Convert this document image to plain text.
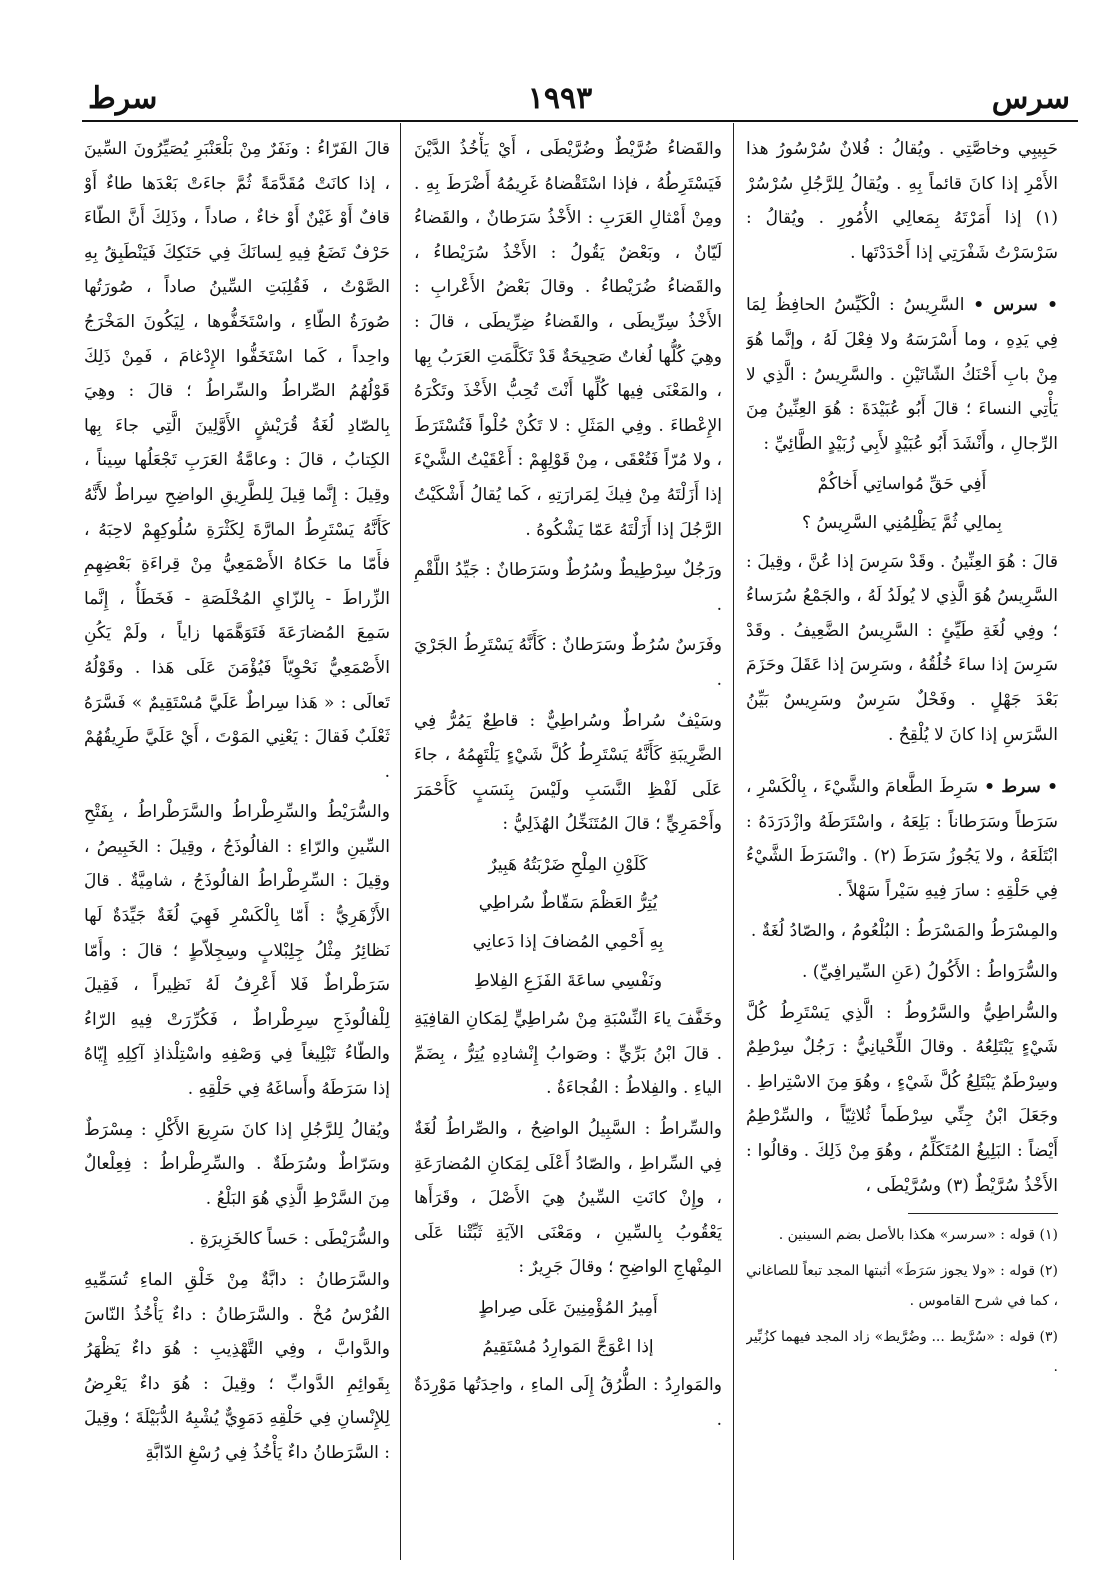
سرس
١٩٩٣
سرط

حَبِيبِي وخاصَّتِي . ويُقالُ : فُلانٌ سُرْسُورُ هذا الأَمْرِ إذا كانَ قائماً بِهِ . ويُقالُ لِلرَّجُلِ سُرْسُرْ (١) إذا أَمَرْتَهُ بِمَعالِي الأُمُورِ . ويُقالُ : سَرْسَرْتُ شَفْرَتِي إذا أَحْدَدْتَها .

• سرس • السَّرِيسُ : الْكَيِّسُ الحافِظُ لِمَا فِي يَدِهِ ، وما أَسْرَسَهُ ولا فِعْلَ لَهُ ، وإنَّما هُوَ مِنْ بابِ أَحْنَكُ الشّاتَيْنِ . والسَّرِيسُ : الَّذِي لا يَأْتِي النساءَ ؛ قالَ أَبُو عُبَيْدَةَ : هُوَ العِنِّينُ مِنَ الرِّجالِ ، وأَنْشَدَ أَبُو عُبَيْدٍ لأَبِي زُبَيْدٍ الطَّائِيِّ :

أَفِي حَقِّ مُواساتِي أَخاكُمْ

بِمالِي ثُمَّ يَظْلِمُنِي السَّرِيسُ ؟

قالَ : هُوَ العِنِّينُ . وقَدْ سَرِسَ إذا عُنَّ ، وقِيلَ : السَّرِيسُ هُوَ الَّذِي لا يُولَدُ لَهُ ، والجَمْعُ سُرَساءُ ؛ وفِي لُغَةِ طَيِّئٍ : السَّرِيسُ الضَّعِيفُ . وقَدْ سَرِسَ إذا ساءَ خُلُقُهُ ، وسَرِسَ إذا عَقَلَ وحَزَمَ بَعْدَ جَهْلٍ . وفَحْلٌ سَرِسٌ وسَرِيسٌ بَيِّنُ السَّرَسِ إذا كانَ لا يُلْقِحُ .

• سرط • سَرِطَ الطَّعامَ والشَّيْءَ ، بِالْكَسْرِ ، سَرَطاً وسَرَطاناً : بَلِعَهُ ، واسْتَرَطَهُ وازْدَرَدَهُ : ابْتَلَعَهُ ، ولا يَجُوزُ سَرَطَ (٢) . وانْسَرَطَ الشَّيْءُ فِي حَلْقِهِ : سارَ فِيهِ سَيْراً سَهْلاً .

والمِسْرَطُ والمَسْرَطُ : البُلْعُومُ ، والصّادُ لُغَةٌ .

والسُّرَواطُ : الأَكُولُ (عَنِ السِّيرافِيِّ) .

والسُّراطِيُّ والسَّرُوطُ : الَّذِي يَسْتَرِطُ كُلَّ شَيْءٍ يَبْتَلِعُهُ . وقالَ اللِّحْيانِيُّ : رَجُلٌ سِرْطِمٌ وسِرْطَمٌ يَبْتَلِعُ كُلَّ شَيْءٍ ، وهُوَ مِنَ الاسْتِراطِ . وجَعَلَ ابْنُ جِنِّي سِرْطَماً ثُلاثِيّاً ، والسِّرْطِمُ أَيْضاً : البَلِيغُ المُتَكَلِّمُ ، وهُوَ مِنْ ذَلِكَ . وقالُوا : الأَخْذُ سُرَّيْطٌ (٣) وسُرَّيْطَى ،

(١) قوله : «سرسر» هكذا بالأصل بضم السينين .

(٢) قوله : «ولا يجوز سَرَطَ» أثبتها المجد تبعاً للصاغاني ، كما في شرح القاموس .

(٣) قوله : «سُرَّيط ... وضُرَّيط» زاد المجد فيهما كزُبِّير .

والقَضاءُ ضُرَّيْطٌ وضُرَّيْطَى ، أَيْ يَأْخُذُ الدَّيْنَ فَيَسْتَرِطُهُ ، فإذا اسْتَقْضاهُ غَرِيمُهُ أَضْرَطَ بِهِ . ومِنْ أَمْثالِ العَرَبِ : الأَخْذُ سَرَطانٌ ، والقَضاءُ لَيّانٌ ، وبَعْضٌ يَقُولُ : الأَخْذُ سُرَيْطاءُ ، والقَضاءُ ضُرَيْطاءُ . وقالَ بَعْضُ الأَعْرابِ : الأَخْذُ سِرِّيطَى ، والقَضاءُ ضِرِّيطَى ، قالَ : وهِيَ كُلُّها لُغاتٌ صَحِيحَةٌ قَدْ تَكَلَّمَتِ العَرَبُ بِها ، والمَعْنَى فِيها كُلِّها أَنْتَ تُحِبُّ الأَخْذَ وتَكْرَهُ الإِعْطاءَ . وفِي المَثَلِ : لا تَكُنْ حُلْواً فَتُسْتَرَطَ ، ولا مُرّاً فَتُعْقَى ، مِنْ قَوْلِهِمْ : أَعْقَيْتُ الشَّيْءَ إذا أَزَلْتَهُ مِنْ فِيكَ لِمَرارَتِهِ ، كَما يُقالُ أَشْكَيْتُ الرَّجُلَ إذا أَزَلْتَهُ عَمّا يَشْكُوهُ .

ورَجُلٌ سِرْطِيطٌ وسُرُطٌ وسَرَطانٌ : جَيِّدُ اللَّقْمِ .

وفَرَسٌ سُرُطٌ وسَرَطانٌ : كَأَنَّهُ يَسْتَرِطُ الجَرْيَ .

وسَيْفٌ سُراطٌ وسُراطِيٌّ : قاطِعٌ يَمُرُّ فِي الضَّرِيبَةِ كَأَنَّهُ يَسْتَرِطُ كُلَّ شَيْءٍ يَلْتَهِمُهُ ، جاءَ عَلَى لَفْظِ النَّسَبِ ولَيْسَ بِنَسَبٍ كَأَحْمَرَ وأَحْمَرِيٍّ ؛ قالَ المُتَنَخِّلُ الهُذَلِيُّ :

كَلَوْنِ المِلْحِ ضَرْبَتُهُ هَبِيرٌ

يُتِرُّ العَظْمَ سَقّاطٌ سُراطِي

بِهِ أَحْمِي المُضافَ إذا دَعانِي

ونَفْسِي ساعَةَ الفَزَعِ الفِلاطِ

وخَفَّفَ ياءَ النِّسْبَةِ مِنْ سُراطِيٍّ لِمَكانِ القافِيَةِ . قالَ ابْنُ بَرِّيٍّ : وصَوابُ إِنْشادِهِ يُتِرُّ ، بِضَمِّ الياءِ . والفِلاطُ : الفُجاءَةُ .

والسِّراطُ : السَّبِيلُ الواضِحُ ، والصِّراطُ لُغَةٌ فِي السِّراطِ ، والصّادُ أَعْلَى لِمَكانِ المُضارَعَةِ ، وإِنْ كانَتِ السِّينُ هِيَ الأَصْلَ ، وقَرَأَها يَعْقُوبُ بِالسِّينِ ، ومَعْنَى الآيَةِ ثَبِّتْنا عَلَى المِنْهاجِ الواضِحِ ؛ وقالَ جَرِيرٌ :

أَمِيرُ المُؤْمِنِينَ عَلَى صِراطٍ

إذا اعْوَجَّ المَوارِدُ مُسْتَقِيمُ

والمَوارِدُ : الطُّرُقُ إِلَى الماءِ ، واحِدَتُها مَوْرِدَةٌ .

قالَ الفَرّاءُ : ونَفَرٌ مِنْ بَلْعَنْبَرِ يُصَيِّرُونَ السِّينَ ، إذا كانَتْ مُقَدَّمَةً ثُمَّ جاءَتْ بَعْدَها طاءٌ أَوْ قافٌ أَوْ غَيْنٌ أَوْ خاءٌ ، صاداً ، وذَلِكَ أَنَّ الطّاءَ حَرْفٌ تَضَعُ فِيهِ لِسانَكَ فِي حَنَكِكَ فَيَنْطَبِقُ بِهِ الصَّوْتُ ، فَقُلِبَتِ السِّينُ صاداً ، صُورَتُها صُورَةُ الطّاءِ ، واسْتَخَفُّوها ، لِيَكُونَ المَخْرَجُ واحِداً ، كَما اسْتَخَفُّوا الإِدْغامَ ، فَمِنْ ذَلِكَ قَوْلُهُمُ الصِّراطُ والسِّراطُ ؛ قالَ : وهِيَ بِالصّادِ لُغَةُ قُرَيْشٍ الأَوَّلِينَ الَّتِي جاءَ بِها الكِتابُ ، قالَ : وعامَّةُ العَرَبِ تَجْعَلُها سِيناً ، وقِيلَ : إِنَّما قِيلَ لِلطَّرِيقِ الواضِحِ سِراطٌ لأَنَّهُ كَأَنَّهُ يَسْتَرِطُ المارَّةَ لِكَثْرَةِ سُلُوكِهِمْ لاحِبَهُ ، فأَمّا ما حَكاهُ الأَصْمَعِيُّ مِنْ قِراءَةِ بَعْضِهِمِ الزِّراطَ - بِالزّايِ المُخْلَصَةِ - فَخَطَأٌ ، إِنَّما سَمِعَ المُضارَعَةَ فَتَوَهَّمَها زاياً ، ولَمْ يَكُنِ الأَصْمَعِيُّ نَحْوِيّاً فَيُؤْمَنَ عَلَى هَذا . وقَوْلُهُ تَعالَى : « هَذا سِراطٌ عَلَيَّ مُسْتَقِيمٌ » فَسَّرَهُ ثَعْلَبٌ فَقالَ : يَعْنِي المَوْتَ ، أَيْ عَلَيَّ طَرِيقُهُمْ .

والسُّرَيْطُ والسِّرِطْراطُ والسَّرَطْراطُ ، بِفَتْحِ السِّينِ والرّاءِ : الفالُوذَجُ ، وقِيلَ : الخَبِيصُ ، وقِيلَ : السِّرِطْراطُ الفالُوذَجُ ، شامِيَّةٌ . قالَ الأَزْهَرِيُّ : أَمّا بِالْكَسْرِ فَهِيَ لُغَةٌ جَيِّدَةٌ لَها نَظائِرُ مِثْلُ جِلِبْلابٍ وسِجِلاّطٍ ؛ قالَ : وأَمّا سَرَطْراطٌ فَلا أَعْرِفُ لَهُ نَظِيراً ، فَقِيلَ لِلْفالُوذَجِ سِرِطْراطٌ ، فَكُرِّرَتْ فِيهِ الرّاءُ والطّاءُ تَبْلِيغاً فِي وَصْفِهِ واسْتِلْذاذِ آكِلِهِ إِيّاهُ إذا سَرَطَهُ وأَساغَهُ فِي حَلْقِهِ .

ويُقالُ لِلرَّجُلِ إذا كانَ سَرِيعَ الأَكْلِ : مِسْرَطٌ وسَرّاطٌ وسُرَطَةٌ . والسِّرِطْراطُ : فِعِلْعالٌ مِنَ السَّرْطِ الَّذِي هُوَ البَلْعُ .

والسُّرَيْطَى : حَساً كالخَزِيرَةِ .

والسَّرَطانُ : دابَّةٌ مِنْ خَلْقِ الماءِ تُسَمِّيهِ الفُرْسُ مُخْ . والسَّرَطانُ : داءٌ يَأْخُذُ النّاسَ والدَّوابَّ ، وفِي التَّهْذِيبِ : هُوَ داءٌ يَظْهَرُ بِقَوائِمِ الدَّوابِّ ؛ وقِيلَ : هُوَ داءٌ يَعْرِضُ لِلإِنْسانِ فِي حَلْقِهِ دَمَوِيٌّ يُشْبِهُ الدُّبَيْلَةَ ؛ وقِيلَ : السَّرَطانُ داءٌ يَأْخُذُ فِي رُسْغِ الدّابَّةِ
